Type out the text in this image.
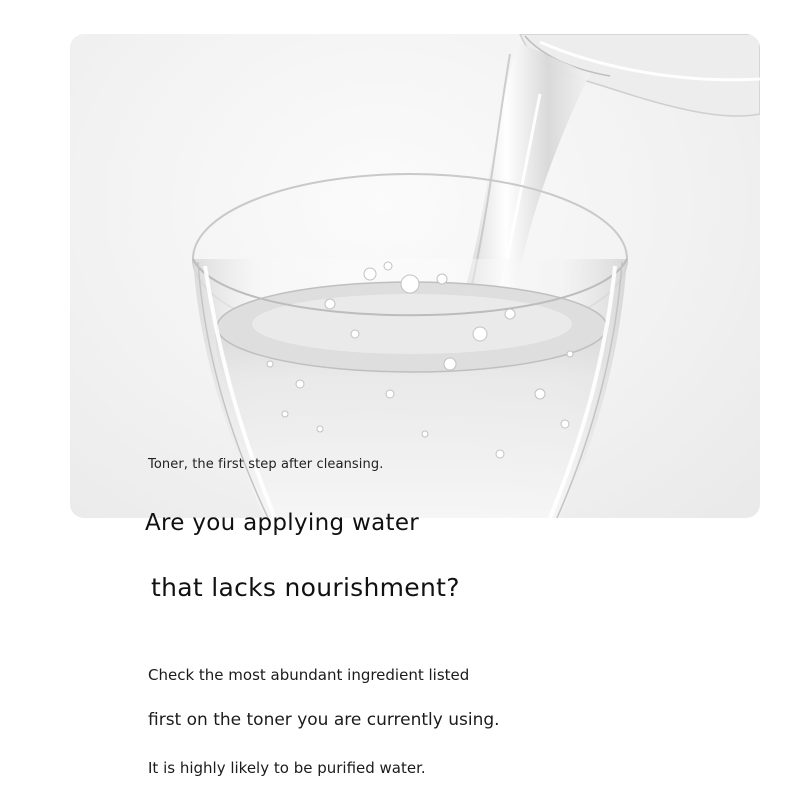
Toner, the first step after cleansing.
Are you applying water
that lacks nourishment?
Check the most abundant ingredient listed
first on the toner you are currently using.
It is highly likely to be purified water.
